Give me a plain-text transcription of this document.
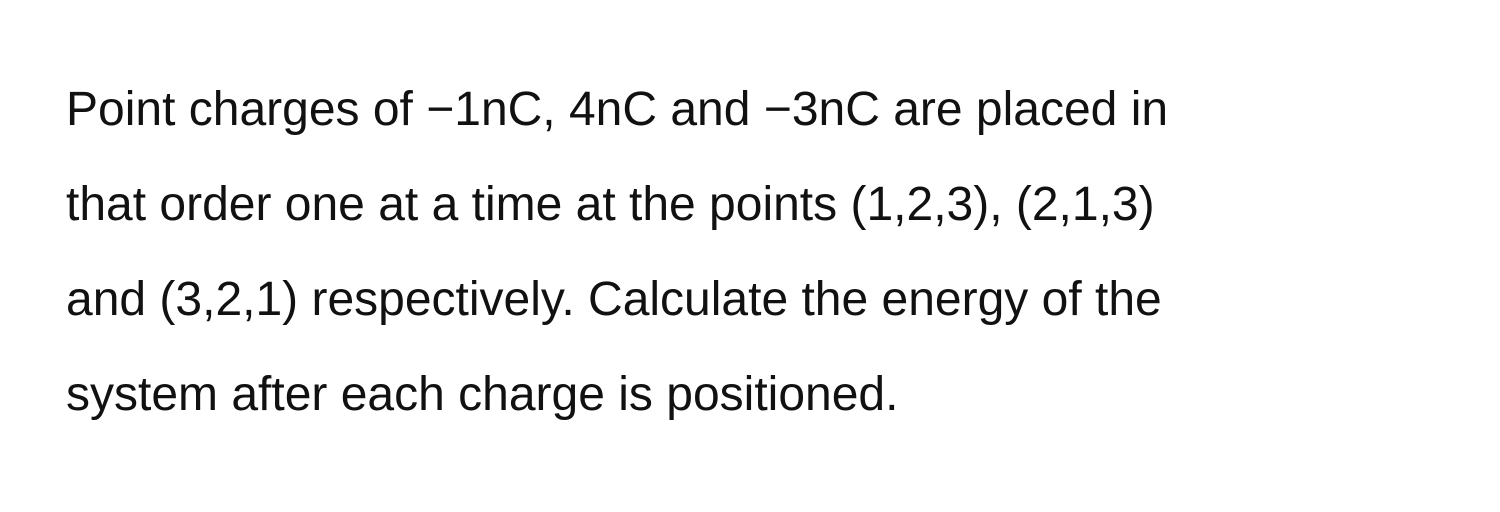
Point charges of −1nC, 4nC and −3nC are placed in
that order one at a time at the points (1,2,3), (2,1,3)
and (3,2,1) respectively. Calculate the energy of the
system after each charge is positioned.
